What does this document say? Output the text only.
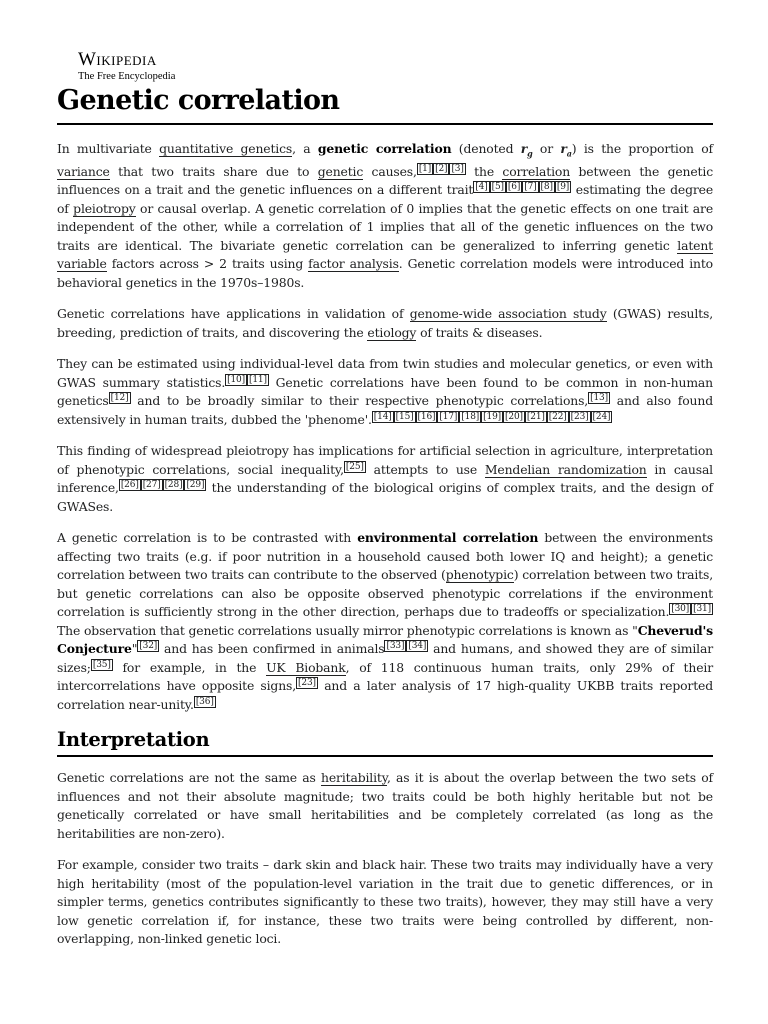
Wikipedia
The Free Encyclopedia
Genetic correlation

In multivariate quantitative genetics, a genetic correlation (denoted $r_g$ or $r_a$) is the proportion of variance that two traits share due to genetic causes, [1] [2] [3] the correlation between the genetic influences on a trait and the genetic influences on a different trait [4] [5] [6] [7] [8] [9] estimating the degree of pleiotropy or causal overlap. A genetic correlation of 0 implies that the genetic effects on one trait are independent of the other, while a correlation of 1 implies that all of the genetic influences on the two traits are identical. The bivariate genetic correlation can be generalized to inferring genetic latent variable factors across > 2 traits using factor analysis. Genetic correlation models were introduced into behavioral genetics in the 1970s–1980s.

Genetic correlations have applications in validation of genome-wide association study (GWAS) results, breeding, prediction of traits, and discovering the etiology of traits & diseases.

They can be estimated using individual-level data from twin studies and molecular genetics, or even with GWAS summary statistics. [10] [11] Genetic correlations have been found to be common in non-human genetics [12] and to be broadly similar to their respective phenotypic correlations, [13] and also found extensively in human traits, dubbed the 'phenome'. [14] [15] [16] [17] [18] [19] [20] [21] [22] [23] [24]

This finding of widespread pleiotropy has implications for artificial selection in agriculture, interpretation of phenotypic correlations, social inequality, [25] attempts to use Mendelian randomization in causal inference, [26] [27] [28] [29] the understanding of the biological origins of complex traits, and the design of GWASes.

A genetic correlation is to be contrasted with environmental correlation between the environments affecting two traits (e.g. if poor nutrition in a household caused both lower IQ and height); a genetic correlation between two traits can contribute to the observed (phenotypic) correlation between two traits, but genetic correlations can also be opposite observed phenotypic correlations if the environment correlation is sufficiently strong in the other direction, perhaps due to tradeoffs or specialization. [30] [31] The observation that genetic correlations usually mirror phenotypic correlations is known as "Cheverud's Conjecture" [32] and has been confirmed in animals [33] [34] and humans, and showed they are of similar sizes; [35] for example, in the UK Biobank, of 118 continuous human traits, only 29% of their intercorrelations have opposite signs, [23] and a later analysis of 17 high-quality UKBB traits reported correlation near-unity. [36]

Interpretation

Genetic correlations are not the same as heritability, as it is about the overlap between the two sets of influences and not their absolute magnitude; two traits could be both highly heritable but not be genetically correlated or have small heritabilities and be completely correlated (as long as the heritabilities are non-zero).

For example, consider two traits – dark skin and black hair. These two traits may individually have a very high heritability (most of the population-level variation in the trait due to genetic differences, or in simpler terms, genetics contributes significantly to these two traits), however, they may still have a very low genetic correlation if, for instance, these two traits were being controlled by different, non-overlapping, non-linked genetic loci.
